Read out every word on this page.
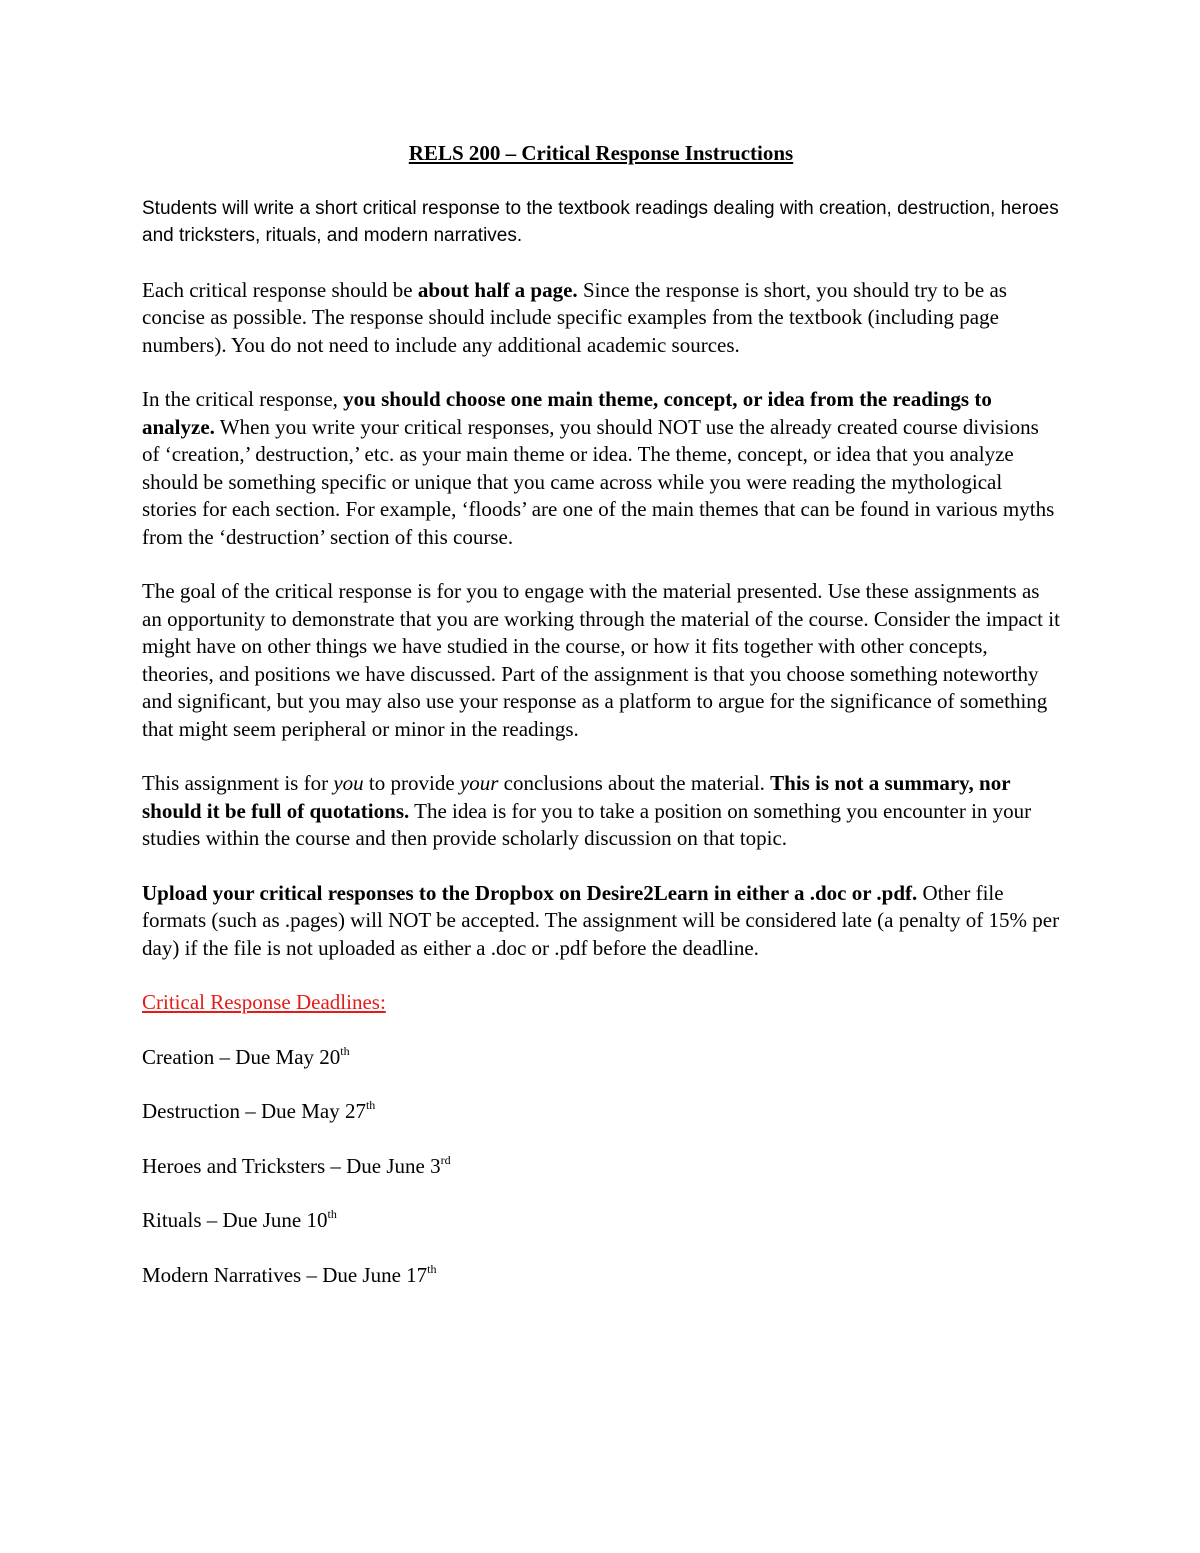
RELS 200 – Critical Response Instructions

Students will write a short critical response to the textbook readings dealing with creation, destruction, heroes and tricksters, rituals, and modern narratives.

Each critical response should be about half a page. Since the response is short, you should try to be as concise as possible. The response should include specific examples from the textbook (including page numbers). You do not need to include any additional academic sources.

In the critical response, you should choose one main theme, concept, or idea from the readings to analyze. When you write your critical responses, you should NOT use the already created course divisions of ‘creation,’ destruction,’ etc. as your main theme or idea. The theme, concept, or idea that you analyze should be something specific or unique that you came across while you were reading the mythological stories for each section. For example, ‘floods’ are one of the main themes that can be found in various myths from the ‘destruction’ section of this course.

The goal of the critical response is for you to engage with the material presented. Use these assignments as an opportunity to demonstrate that you are working through the material of the course. Consider the impact it might have on other things we have studied in the course, or how it fits together with other concepts, theories, and positions we have discussed. Part of the assignment is that you choose something noteworthy and significant, but you may also use your response as a platform to argue for the significance of something that might seem peripheral or minor in the readings.

This assignment is for you to provide your conclusions about the material. This is not a summary, nor should it be full of quotations. The idea is for you to take a position on something you encounter in your studies within the course and then provide scholarly discussion on that topic.

Upload your critical responses to the Dropbox on Desire2Learn in either a .doc or .pdf. Other file formats (such as .pages) will NOT be accepted. The assignment will be considered late (a penalty of 15% per day) if the file is not uploaded as either a .doc or .pdf before the deadline.

Critical Response Deadlines:
Creation – Due May 20th
Destruction – Due May 27th
Heroes and Tricksters – Due June 3rd
Rituals – Due June 10th
Modern Narratives – Due June 17th
